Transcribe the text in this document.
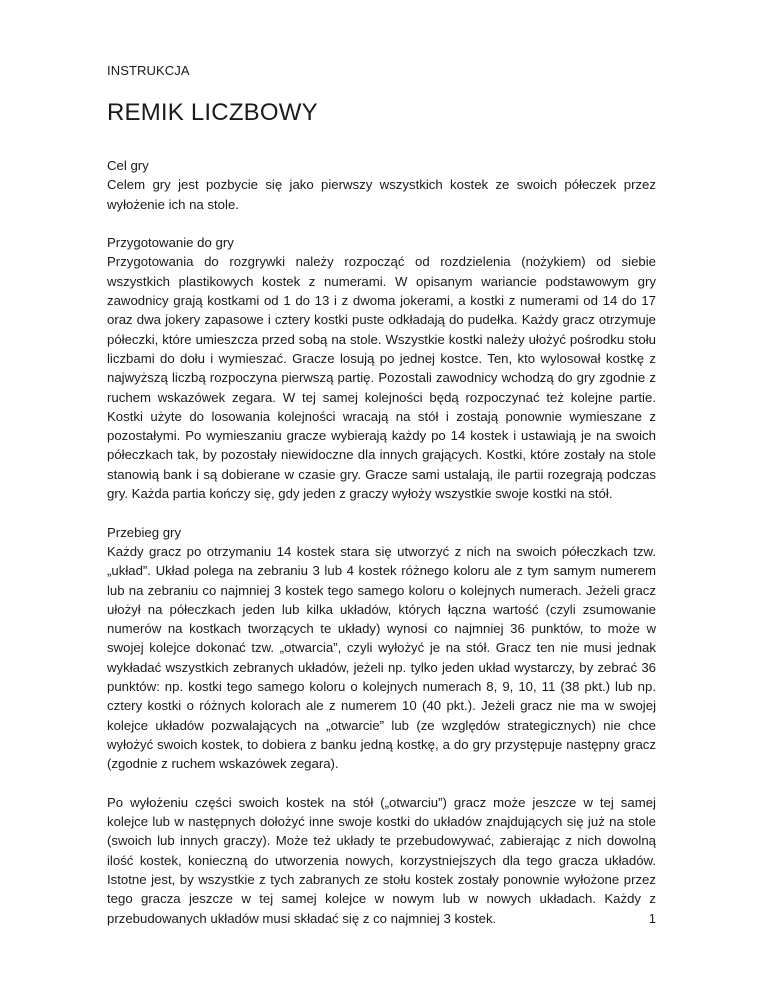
INSTRUKCJA
REMIK LICZBOWY
Cel gry

Celem gry jest pozbycie się jako pierwszy wszystkich kostek ze swoich półeczek przez wyłożenie ich na stole.

Przygotowanie do gry

Przygotowania do rozgrywki należy rozpocząć od rozdzielenia (nożykiem) od siebie wszystkich plastikowych kostek z numerami. W opisanym wariancie podstawowym gry zawodnicy grają kostkami od 1 do 13 i z dwoma jokerami, a kostki z numerami od 14 do 17 oraz dwa jokery zapasowe i cztery kostki puste odkładają do pudełka. Każdy gracz otrzymuje półeczki, które umieszcza przed sobą na stole. Wszystkie kostki należy ułożyć pośrodku stołu liczbami do dołu i wymieszać. Gracze losują po jednej kostce. Ten, kto wylosował kostkę z najwyższą liczbą rozpoczyna pierwszą partię. Pozostali zawodnicy wchodzą do gry zgodnie z ruchem wskazówek zegara. W tej samej kolejności będą rozpoczynać też kolejne partie. Kostki użyte do losowania kolejności wracają na stół i zostają ponownie wymieszane z pozostałymi. Po wymieszaniu gracze wybierają każdy po 14 kostek i ustawiają je na swoich półeczkach tak, by pozostały niewidoczne dla innych grających. Kostki, które zostały na stole stanowią bank i są dobierane w czasie gry. Gracze sami ustalają, ile partii rozegrają podczas gry. Każda partia kończy się, gdy jeden z graczy wyłoży wszystkie swoje kostki na stół.

Przebieg gry

Każdy gracz po otrzymaniu 14 kostek stara się utworzyć z nich na swoich półeczkach tzw. „układ”. Układ polega na zebraniu 3 lub 4 kostek różnego koloru ale z tym samym numerem lub na zebraniu co najmniej 3 kostek tego samego koloru o kolejnych numerach. Jeżeli gracz ułożył na półeczkach jeden lub kilka układów, których łączna wartość (czyli zsumowanie numerów na kostkach tworzących te układy) wynosi co najmniej 36 punktów, to może w swojej kolejce dokonać tzw. „otwarcia”, czyli wyłożyć je na stół. Gracz ten nie musi jednak wykładać wszystkich zebranych układów, jeżeli np. tylko jeden układ wystarczy, by zebrać 36 punktów: np. kostki tego samego koloru o kolejnych numerach 8, 9, 10, 11 (38 pkt.) lub np. cztery kostki o różnych kolorach ale z numerem 10 (40 pkt.). Jeżeli gracz nie ma w swojej kolejce układów pozwalających na „otwarcie” lub (ze względów strategicznych) nie chce wyłożyć swoich kostek, to dobiera z banku jedną kostkę, a do gry przystępuje następny gracz (zgodnie z ruchem wskazówek zegara).

Po wyłożeniu części swoich kostek na stół („otwarciu”) gracz może jeszcze w tej samej kolejce lub w następnych dołożyć inne swoje kostki do układów znajdujących się już na stole (swoich lub innych graczy). Może też układy te przebudowywać, zabierając z nich dowolną ilość kostek, konieczną do utworzenia nowych, korzystniejszych dla tego gracza układów. Istotne jest, by wszystkie z tych zabranych ze stołu kostek zostały ponownie wyłożone przez tego gracza jeszcze w tej samej kolejce w nowym lub w nowych układach. Każdy z przebudowanych układów musi składać się z co najmniej 3 kostek.	1
